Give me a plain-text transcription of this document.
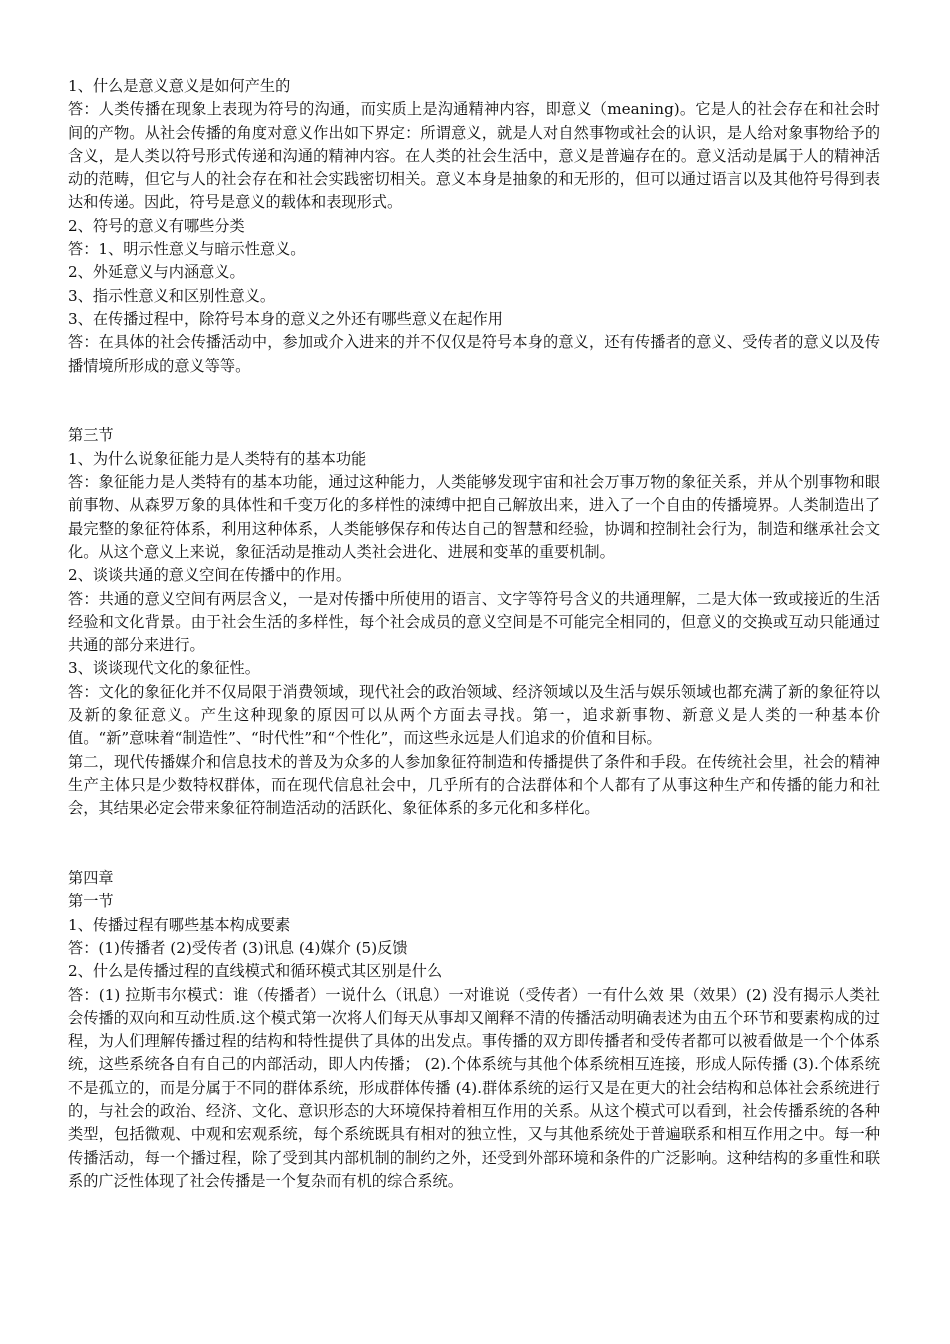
1、什么是意义意义是如何产生的

答：人类传播在现象上表现为符号的沟通，而实质上是沟通精神内容，即意义（meaning)。它是人的社会存在和社会时间的产物。从社会传播的角度对意义作出如下界定：所谓意义，就是人对自然事物或社会的认识，是人给对象事物给予的含义，是人类以符号形式传递和沟通的精神内容。在人类的社会生活中，意义是普遍存在的。意义活动是属于人的精神活动的范畴，但它与人的社会存在和社会实践密切相关。意义本身是抽象的和无形的，但可以通过语言以及其他符号得到表达和传递。因此，符号是意义的载体和表现形式。

2、符号的意义有哪些分类

答：1、明示性意义与暗示性意义。

2、外延意义与内涵意义。

3、指示性意义和区别性意义。

3、在传播过程中，除符号本身的意义之外还有哪些意义在起作用

答：在具体的社会传播活动中，参加或介入进来的并不仅仅是符号本身的意义，还有传播者的意义、受传者的意义以及传播情境所形成的意义等等。

第三节

1、为什么说象征能力是人类特有的基本功能

答：象征能力是人类特有的基本功能，通过这种能力，人类能够发现宇宙和社会万事万物的象征关系，并从个别事物和眼前事物、从森罗万象的具体性和千变万化的多样性的涑缚中把自己解放出来，进入了一个自由的传播境界。人类制造出了最完整的象征符体系，利用这种体系，人类能够保存和传达自己的智慧和经验，协调和控制社会行为，制造和继承社会文化。从这个意义上来说，象征活动是推动人类社会进化、进展和变革的重要机制。

2、谈谈共通的意义空间在传播中的作用。

答：共通的意义空间有两层含义，一是对传播中所使用的语言、文字等符号含义的共通理解，二是大体一致或接近的生活经验和文化背景。由于社会生活的多样性，每个社会成员的意义空间是不可能完全相同的，但意义的交换或互动只能通过共通的部分来进行。

3、谈谈现代文化的象征性。

答：文化的象征化并不仅局限于消费领域，现代社会的政治领域、经济领域以及生活与娱乐领域也都充满了新的象征符以及新的象征意义。产生这种现象的原因可以从两个方面去寻找。第一，追求新事物、新意义是人类的一种基本价值。“新”意味着“制造性”、“时代性”和“个性化”，而这些永远是人们追求的价值和目标。

第二，现代传播媒介和信息技术的普及为众多的人参加象征符制造和传播提供了条件和手段。在传统社会里，社会的精神生产主体只是少数特权群体，而在现代信息社会中，几乎所有的合法群体和个人都有了从事这种生产和传播的能力和社会，其结果必定会带来象征符制造活动的活跃化、象征体系的多元化和多样化。

第四章

第一节

1、传播过程有哪些基本构成要素

答：(1)传播者 (2)受传者 (3)讯息 (4)媒介 (5)反馈

2、什么是传播过程的直线模式和循环模式其区别是什么

答：(1) 拉斯韦尔模式：谁（传播者）一说什么（讯息）一对谁说（受传者）一有什么效 果（效果）(2) 没有揭示人类社会传播的双向和互动性质.这个模式第一次将人们每天从事却又阐释不清的传播活动明确表述为由五个环节和要素构成的过程，为人们理解传播过程的结构和特性提供了具体的出发点。事传播的双方即传播者和受传者都可以被看做是一个个体系统，这些系统各自有自己的内部活动，即人内传播； (2).个体系统与其他个体系统相互连接，形成人际传播 (3).个体系统不是孤立的，而是分属于不同的群体系统，形成群体传播 (4).群体系统的运行又是在更大的社会结构和总体社会系统进行的，与社会的政治、经济、文化、意识形态的大环境保持着相互作用的关系。从这个模式可以看到，社会传播系统的各种类型，包括微观、中观和宏观系统，每个系统既具有相对的独立性，又与其他系统处于普遍联系和相互作用之中。每一种传播活动，每一个播过程，除了受到其内部机制的制约之外，还受到外部环境和条件的广泛影响。这种结构的多重性和联系的广泛性体现了社会传播是一个复杂而有机的综合系统。
